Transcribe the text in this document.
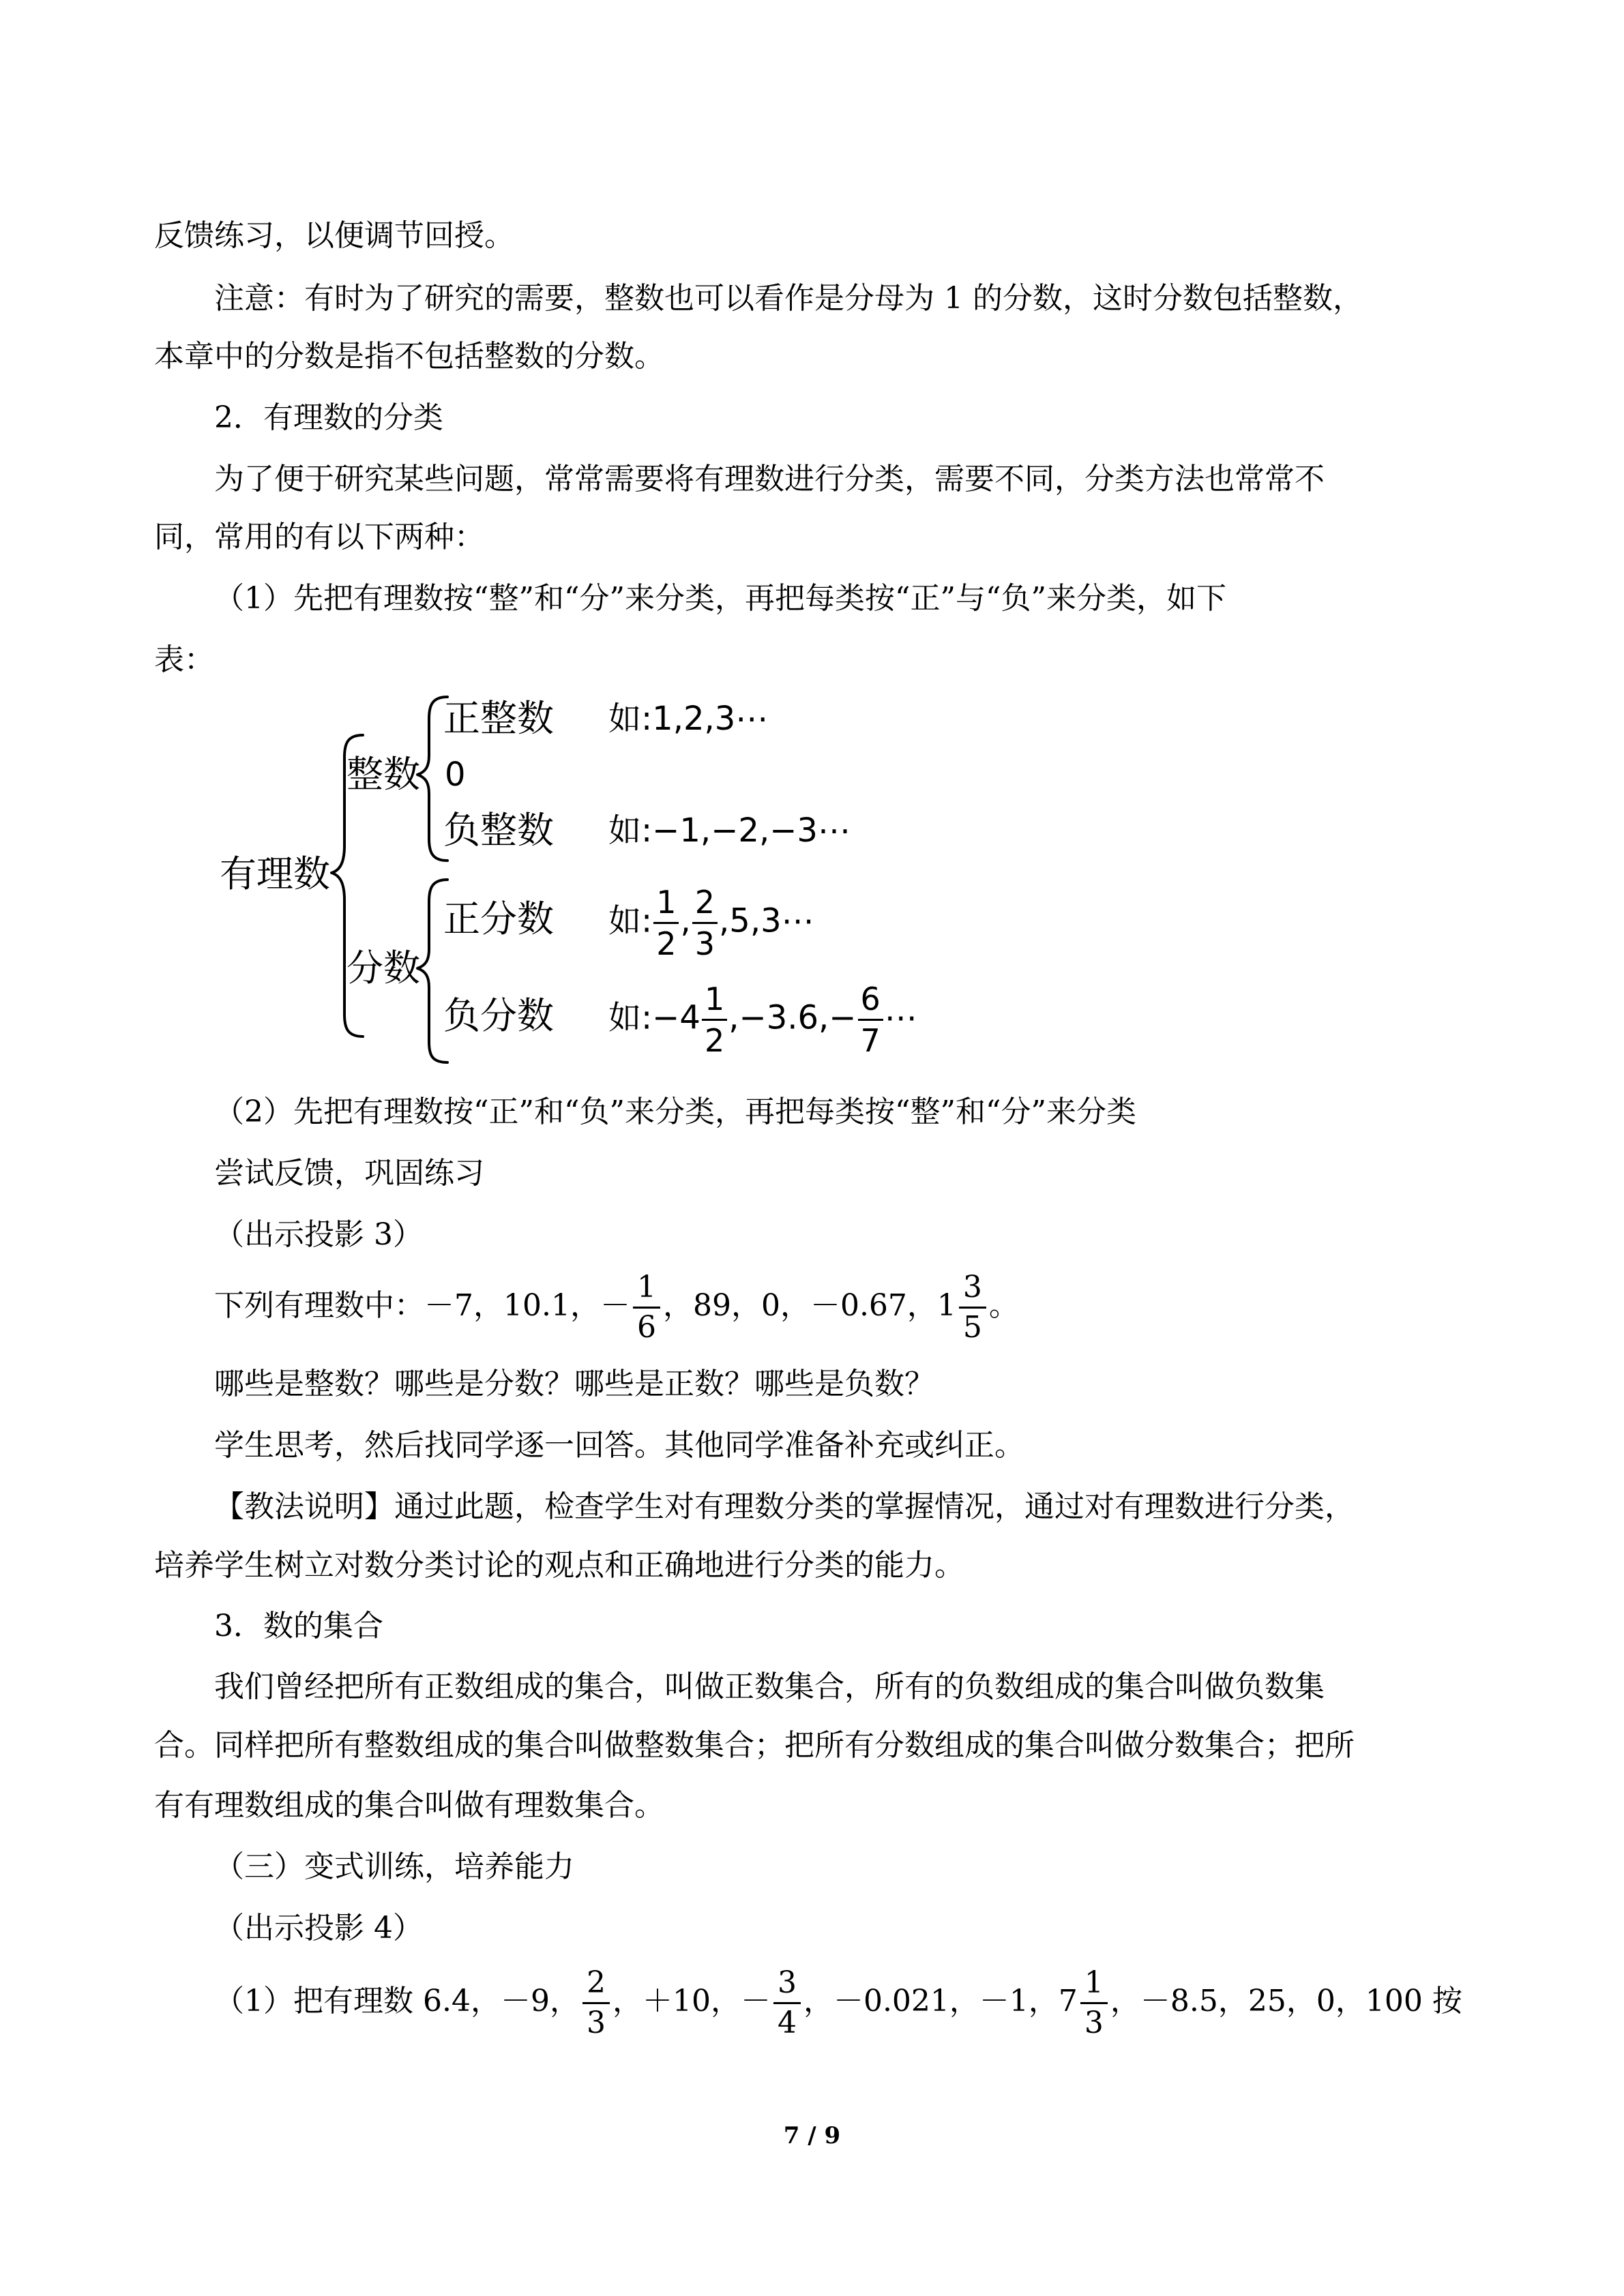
反馈练习，以便调节回授。
注意：有时为了研究的需要，整数也可以看作是分母为 1 的分数，这时分数包括整数，
本章中的分数是指不包括整数的分数。
2．有理数的分类
为了便于研究某些问题，常常需要将有理数进行分类，需要不同，分类方法也常常不
同，常用的有以下两种：
（1）先把有理数按“整”和“分”来分类，再把每类按“正”与“负”来分类，如下
表：
有理数
整数
分数
正整数
0
负整数
正分数
负分数
如:1,2,3⋯
如:−1,−2,−3⋯
如: $\frac{1}{2}$ , $\frac{2}{3}$ ,5,3⋯
如:−4 $\frac{1}{2} ,-3.6,- \frac{6}{7}$ ⋯
（2）先把有理数按“正”和“负”来分类，再把每类按“整”和“分”来分类
尝试反馈，巩固练习
（出示投影 3）
下列有理数中：－7，10.1，－ $\frac{1}{6}$ ，89，0，－0.67，$1 \frac{3}{5}$ 。
哪些是整数？哪些是分数？哪些是正数？哪些是负数？
学生思考，然后找同学逐一回答。其他同学准备补充或纠正。
【教法说明】通过此题，检查学生对有理数分类的掌握情况，通过对有理数进行分类，
培养学生树立对数分类讨论的观点和正确地进行分类的能力。
3．数的集合
我们曾经把所有正数组成的集合，叫做正数集合，所有的负数组成的集合叫做负数集
合。同样把所有整数组成的集合叫做整数集合；把所有分数组成的集合叫做分数集合；把所
有有理数组成的集合叫做有理数集合。
（三）变式训练，培养能力
（出示投影 4）
（1）把有理数 6.4，－9， $\frac{2}{3}$ ，＋10，－ $\frac{3}{4}$ ，－0.021，－1，$7 \frac{1}{3}$ ，－8.5，25，0，100 按
7 / 9
